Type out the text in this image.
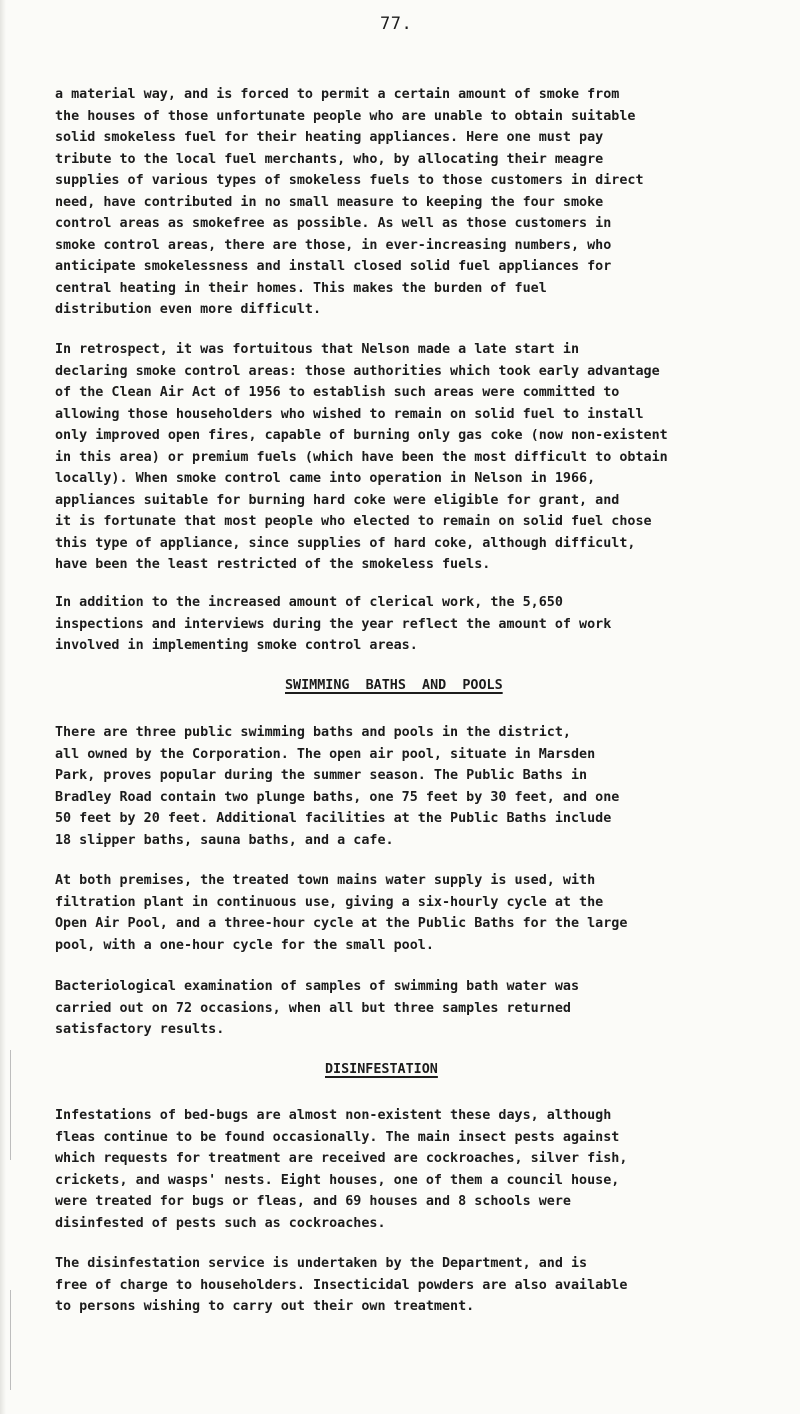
77.

a material way, and is forced to permit a certain amount of smoke from
the houses of those unfortunate people who are unable to obtain suitable
solid smokeless fuel for their heating appliances. Here one must pay
tribute to the local fuel merchants, who, by allocating their meagre
supplies of various types of smokeless fuels to those customers in direct
need, have contributed in no small measure to keeping the four smoke
control areas as smokefree as possible. As well as those customers in
smoke control areas, there are those, in ever-increasing numbers, who
anticipate smokelessness and install closed solid fuel appliances for
central heating in their homes. This makes the burden of fuel
distribution even more difficult.

In retrospect, it was fortuitous that Nelson made a late start in
declaring smoke control areas: those authorities which took early advantage
of the Clean Air Act of 1956 to establish such areas were committed to
allowing those householders who wished to remain on solid fuel to install
only improved open fires, capable of burning only gas coke (now non-existent
in this area) or premium fuels (which have been the most difficult to obtain
locally). When smoke control came into operation in Nelson in 1966,
appliances suitable for burning hard coke were eligible for grant, and
it is fortunate that most people who elected to remain on solid fuel chose
this type of appliance, since supplies of hard coke, although difficult,
have been the least restricted of the smokeless fuels.

In addition to the increased amount of clerical work, the 5,650
inspections and interviews during the year reflect the amount of work
involved in implementing smoke control areas.

SWIMMING  BATHS  AND  POOLS

There are three public swimming baths and pools in the district,
all owned by the Corporation. The open air pool, situate in Marsden
Park, proves popular during the summer season. The Public Baths in
Bradley Road contain two plunge baths, one 75 feet by 30 feet, and one
50 feet by 20 feet. Additional facilities at the Public Baths include
18 slipper baths, sauna baths, and a cafe.

At both premises, the treated town mains water supply is used, with
filtration plant in continuous use, giving a six-hourly cycle at the
Open Air Pool, and a three-hour cycle at the Public Baths for the large
pool, with a one-hour cycle for the small pool.

Bacteriological examination of samples of swimming bath water was
carried out on 72 occasions, when all but three samples returned
satisfactory results.

DISINFESTATION

Infestations of bed-bugs are almost non-existent these days, although
fleas continue to be found occasionally. The main insect pests against
which requests for treatment are received are cockroaches, silver fish,
crickets, and wasps' nests. Eight houses, one of them a council house,
were treated for bugs or fleas, and 69 houses and 8 schools were
disinfested of pests such as cockroaches.

The disinfestation service is undertaken by the Department, and is
free of charge to householders. Insecticidal powders are also available
to persons wishing to carry out their own treatment.
